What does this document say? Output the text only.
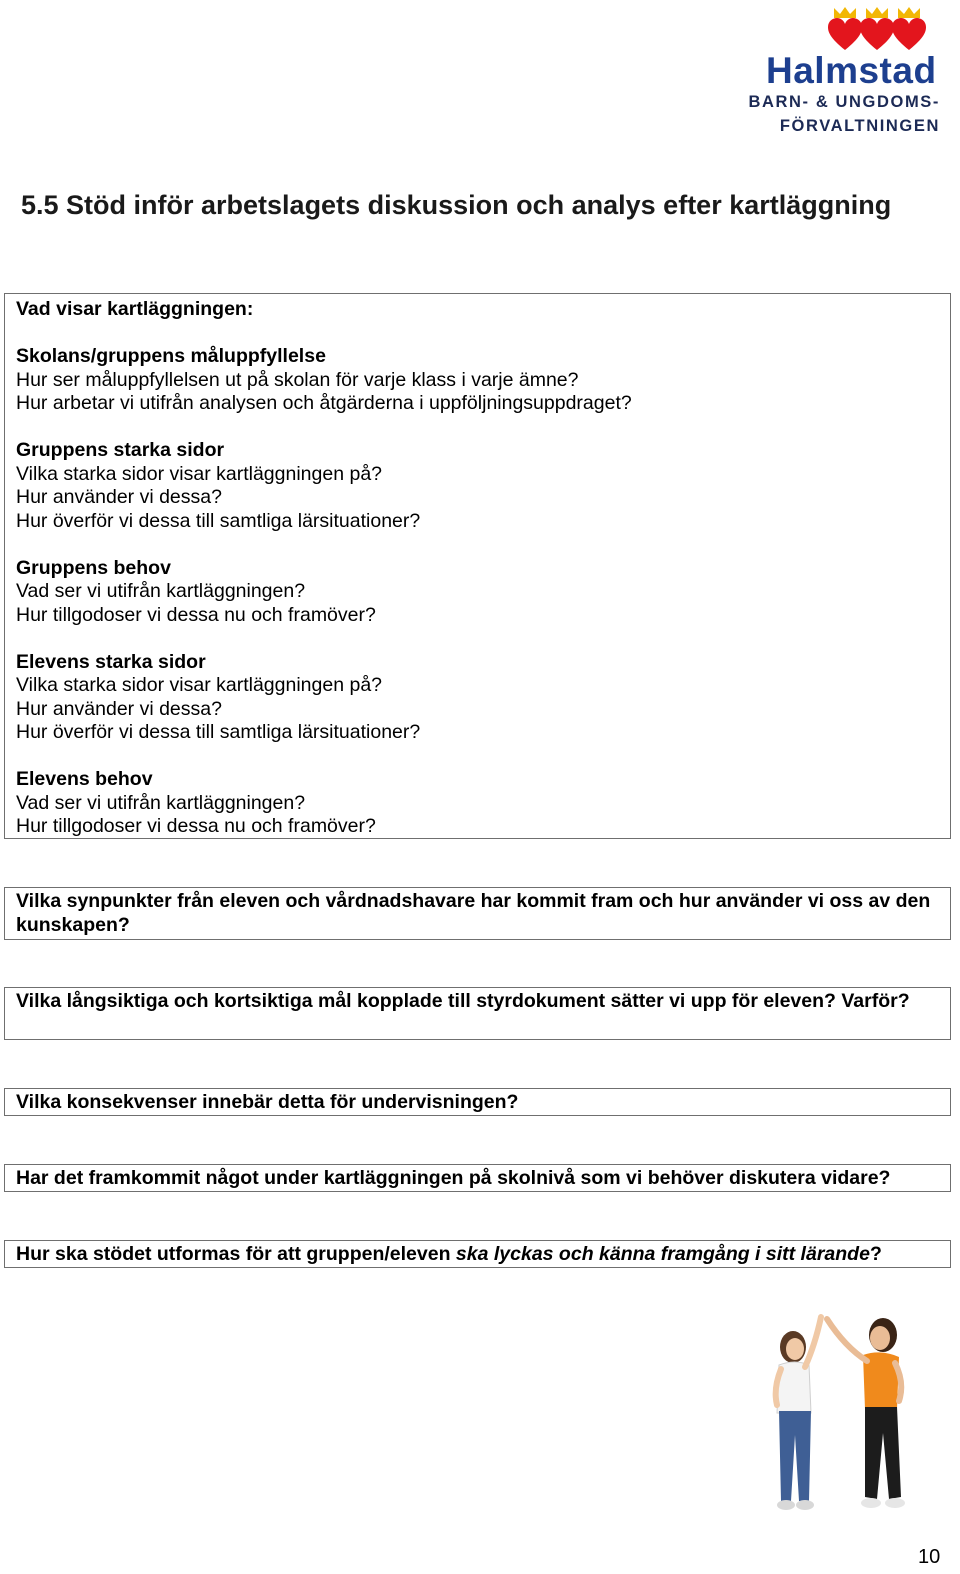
Halmstad
BARN- & UNGDOMS-
FÖRVALTNINGEN
5.5 Stöd inför arbetslagets diskussion och analys efter kartläggning

Vad visar kartläggningen:

Skolans/gruppens måluppfyllelse

Hur ser måluppfyllelsen ut på skolan för varje klass i varje ämne?

Hur arbetar vi utifrån analysen och åtgärderna i uppföljningsuppdraget?

Gruppens starka sidor

Vilka starka sidor visar kartläggningen på?

Hur använder vi dessa?

Hur överför vi dessa till samtliga lärsituationer?

Gruppens behov

Vad ser vi utifrån kartläggningen?

Hur tillgodoser vi dessa nu och framöver?

Elevens starka sidor

Vilka starka sidor visar kartläggningen på?

Hur använder vi dessa?

Hur överför vi dessa till samtliga lärsituationer?

Elevens behov

Vad ser vi utifrån kartläggningen?

Hur tillgodoser vi dessa nu och framöver?

Vilka synpunkter från eleven och vårdnadshavare har kommit fram och hur använder vi oss av den kunskapen?

Vilka långsiktiga och kortsiktiga mål kopplade till styrdokument sätter vi upp för eleven? Varför?

Vilka konsekvenser innebär detta för undervisningen?

Har det framkommit något under kartläggningen på skolnivå som vi behöver diskutera vidare?

Hur ska stödet utformas för att gruppen/eleven ska lyckas och känna framgång i sitt lärande?

10
